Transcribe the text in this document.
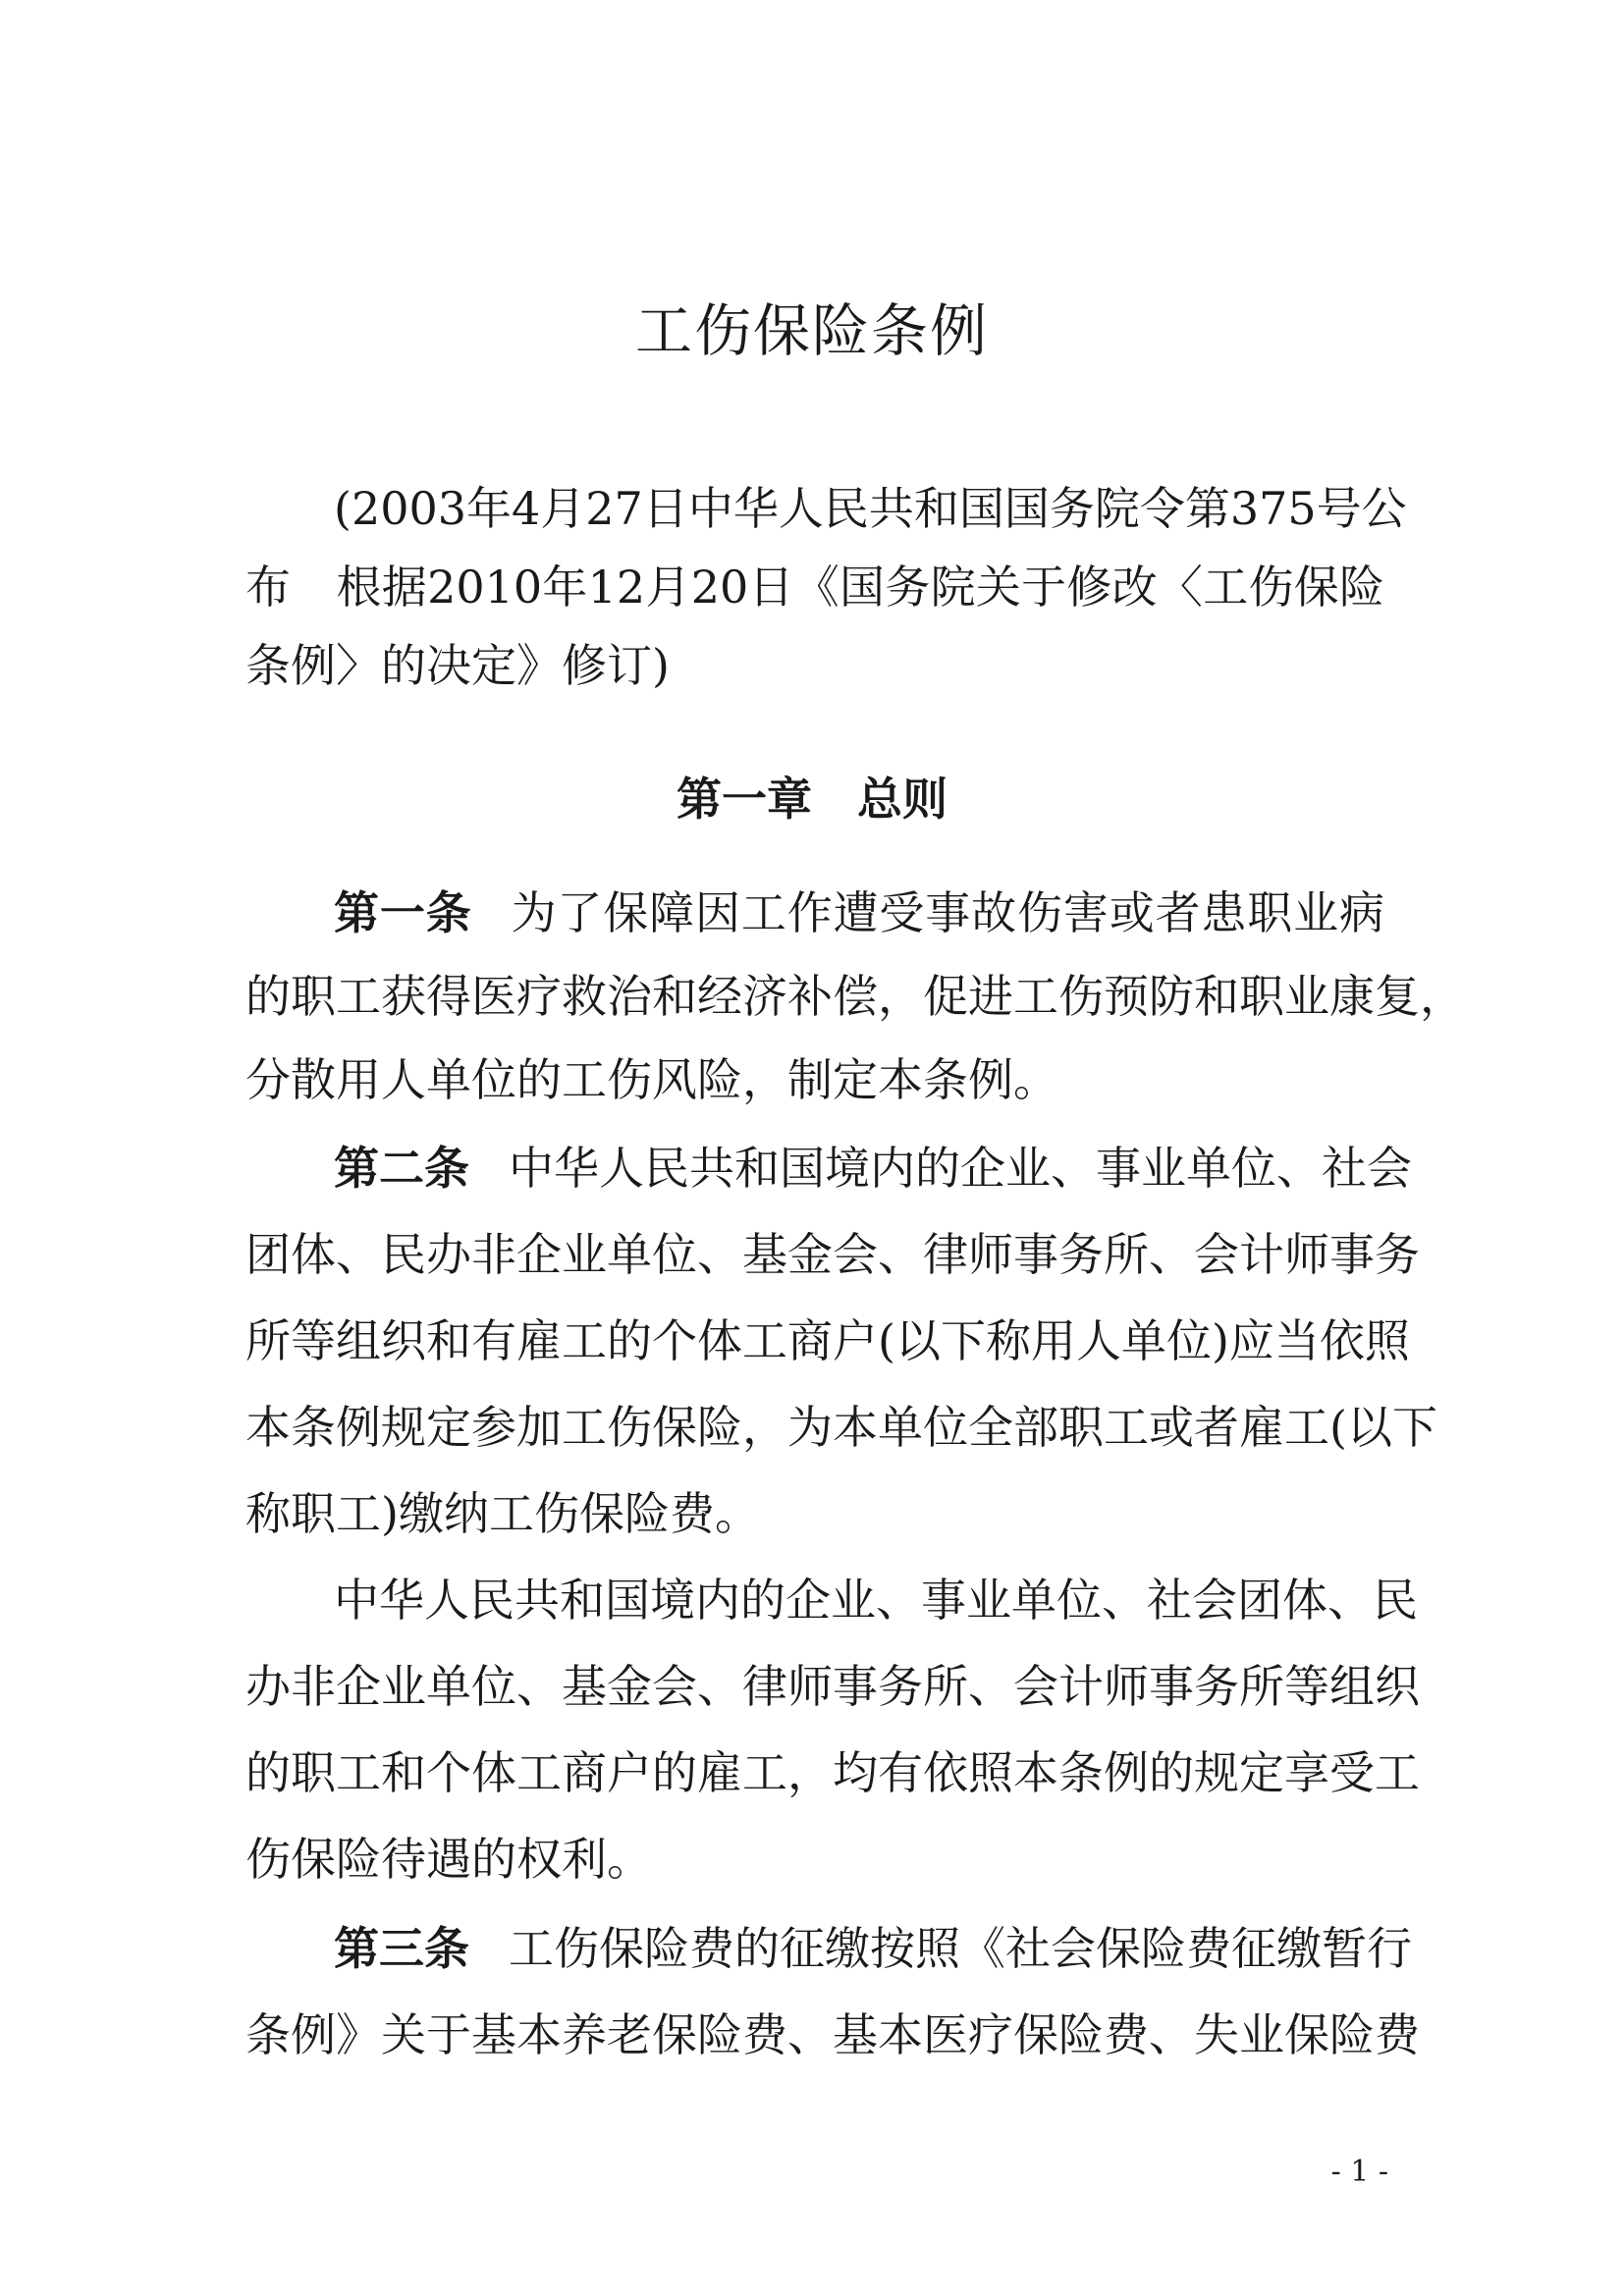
工伤保险条例

(2003年4月27日中华人民共和国国务院令第375号公

布　根据2010年12月20日《国务院关于修改〈工伤保险

条例〉的决定》修订)

第一章　总则

第一条 为了保障因工作遭受事故伤害或者患职业病

的职工获得医疗救治和经济补偿，促进工伤预防和职业康复，

分散用人单位的工伤风险，制定本条例。

第二条 中华人民共和国境内的企业、事业单位、社会

团体、民办非企业单位、基金会、律师事务所、会计师事务

所等组织和有雇工的个体工商户(以下称用人单位)应当依照

本条例规定参加工伤保险，为本单位全部职工或者雇工(以下

称职工)缴纳工伤保险费。

中华人民共和国境内的企业、事业单位、社会团体、民

办非企业单位、基金会、律师事务所、会计师事务所等组织

的职工和个体工商户的雇工，均有依照本条例的规定享受工

伤保险待遇的权利。

第三条 工伤保险费的征缴按照《社会保险费征缴暂行

条例》关于基本养老保险费、基本医疗保险费、失业保险费

- 1 -
